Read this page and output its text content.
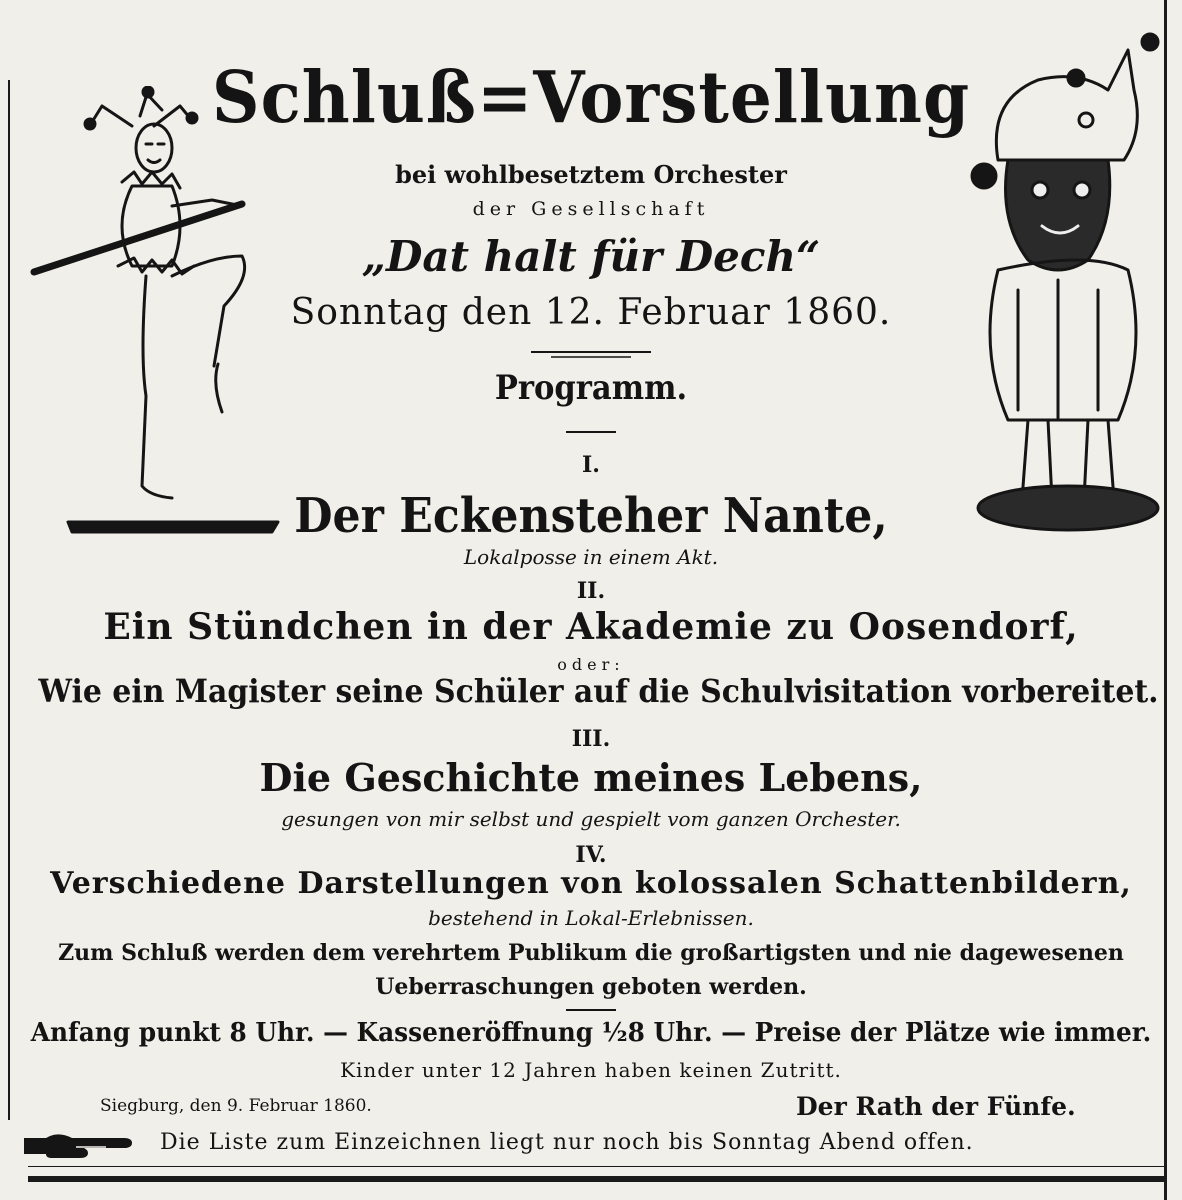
Schluß=Vorstellung
bei wohlbesetztem Orchester
der Gesellschaft
„Dat halt für Dech“
Sonntag den 12. Februar 1860.
Programm.
I.
Der Eckensteher Nante,
Lokalposse in einem Akt.
II.
Ein Stündchen in der Akademie zu Oosendorf,
oder:
Wie ein Magister seine Schüler auf die Schulvisitation vorbereitet.
III.
Die Geschichte meines Lebens,
gesungen von mir selbst und gespielt vom ganzen Orchester.
IV.
Verschiedene Darstellungen von kolossalen Schattenbildern,
bestehend in Lokal-Erlebnissen.
Zum Schluß werden dem verehrtem Publikum die großartigsten und nie dagewesenen
Ueberraschungen geboten werden.
Anfang punkt 8 Uhr. — Kasseneröffnung ½8 Uhr. — Preise der Plätze wie immer.
Kinder unter 12 Jahren haben keinen Zutritt.
Siegburg, den 9. Februar 1860.	Der Rath der Fünfe.
Die Liste zum Einzeichnen liegt nur noch bis Sonntag Abend offen.
